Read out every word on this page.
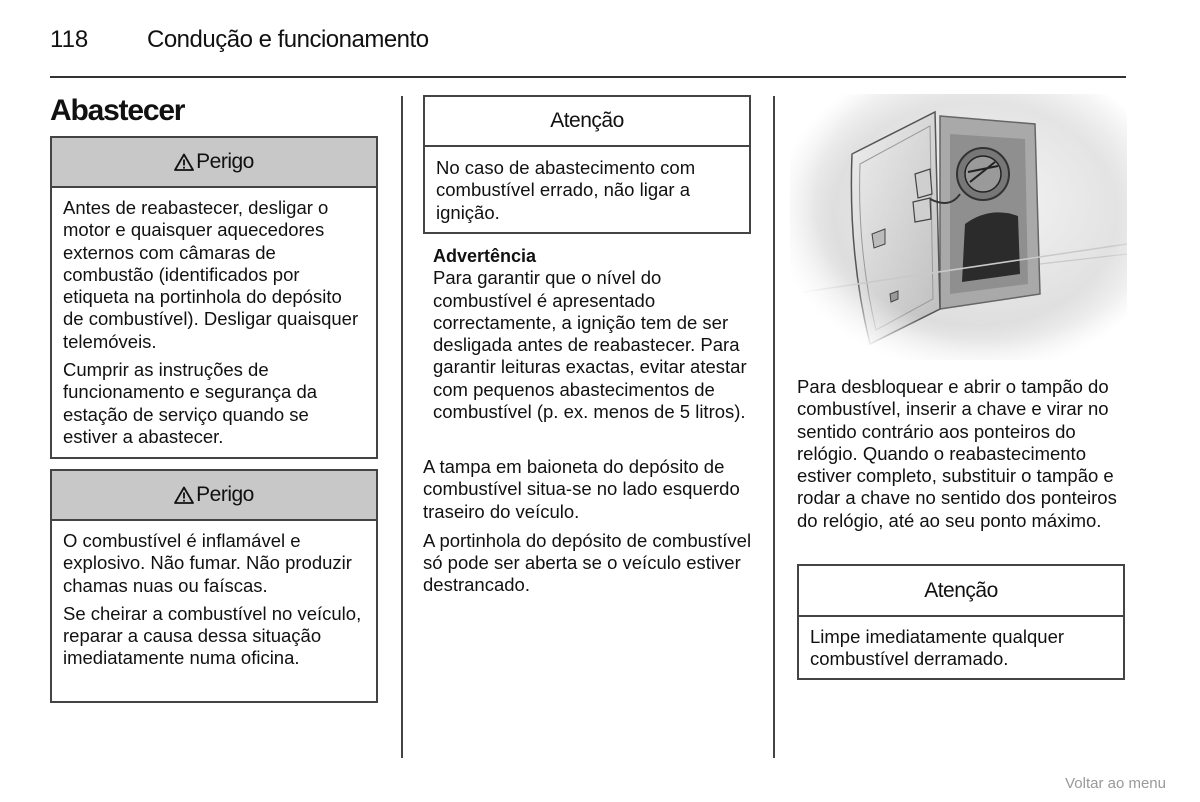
118 Condução e funcionamento
Abastecer
Perigo

Antes de reabastecer, desligar o motor e quaisquer aquecedores externos com câmaras de combustão (identificados por etiqueta na portinhola do depósito de combustível). Desligar quaisquer telemóveis.

Cumprir as instruções de funcionamento e segurança da estação de serviço quando se estiver a abastecer.

Perigo

O combustível é inflamável e explosivo. Não fumar. Não produzir chamas nuas ou faíscas.

Se cheirar a combustível no veículo, reparar a causa dessa situação imediatamente numa oficina.

Atenção

No caso de abastecimento com combustível errado, não ligar a ignição.

Advertência
Para garantir que o nível do combustível é apresentado correctamente, a ignição tem de ser desligada antes de reabastecer. Para garantir leituras exactas, evitar atestar com pequenos abastecimentos de combustível (p. ex. menos de 5 litros).

A tampa em baioneta do depósito de combustível situa-se no lado esquerdo traseiro do veículo.

A portinhola do depósito de combustível só pode ser aberta se o veículo estiver destrancado.

Para desbloquear e abrir o tampão do combustível, inserir a chave e virar no sentido contrário aos ponteiros do relógio. Quando o reabastecimento estiver completo, substituir o tampão e rodar a chave no sentido dos ponteiros do relógio, até ao seu ponto máximo.

Atenção

Limpe imediatamente qualquer combustível derramado.

Voltar ao menu
